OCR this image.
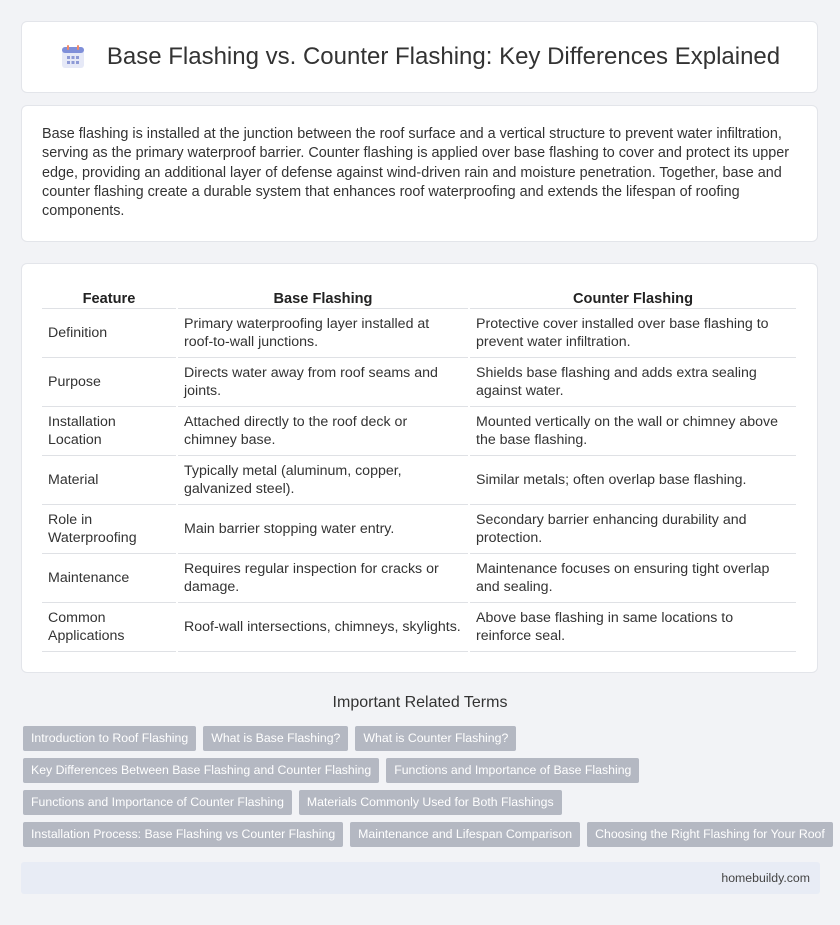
Base Flashing vs. Counter Flashing: Key Differences Explained

Base flashing is installed at the junction between the roof surface and a vertical structure to prevent water infiltration, serving as the primary waterproof barrier. Counter flashing is applied over base flashing to cover and protect its upper edge, providing an additional layer of defense against wind-driven rain and moisture penetration. Together, base and counter flashing create a durable system that enhances roof waterproofing and extends the lifespan of roofing components.

Feature	Base Flashing	Counter Flashing
Definition	Primary waterproofing layer installed at roof-to-wall junctions.	Protective cover installed over base flashing to prevent water infiltration.
Purpose	Directs water away from roof seams and joints.	Shields base flashing and adds extra sealing against water.
Installation Location	Attached directly to the roof deck or chimney base.	Mounted vertically on the wall or chimney above the base flashing.
Material	Typically metal (aluminum, copper, galvanized steel).	Similar metals; often overlap base flashing.
Role in Waterproofing	Main barrier stopping water entry.	Secondary barrier enhancing durability and protection.
Maintenance	Requires regular inspection for cracks or damage.	Maintenance focuses on ensuring tight overlap and sealing.
Common Applications	Roof-wall intersections, chimneys, skylights.	Above base flashing in same locations to reinforce seal.
Important Related Terms
Introduction to Roof Flashing	What is Base Flashing?	What is Counter Flashing?
Key Differences Between Base Flashing and Counter Flashing	Functions and Importance of Base Flashing
Functions and Importance of Counter Flashing	Materials Commonly Used for Both Flashings
Installation Process: Base Flashing vs Counter Flashing	Maintenance and Lifespan Comparison	Choosing the Right Flashing for Your Roof
homebuildy.com
